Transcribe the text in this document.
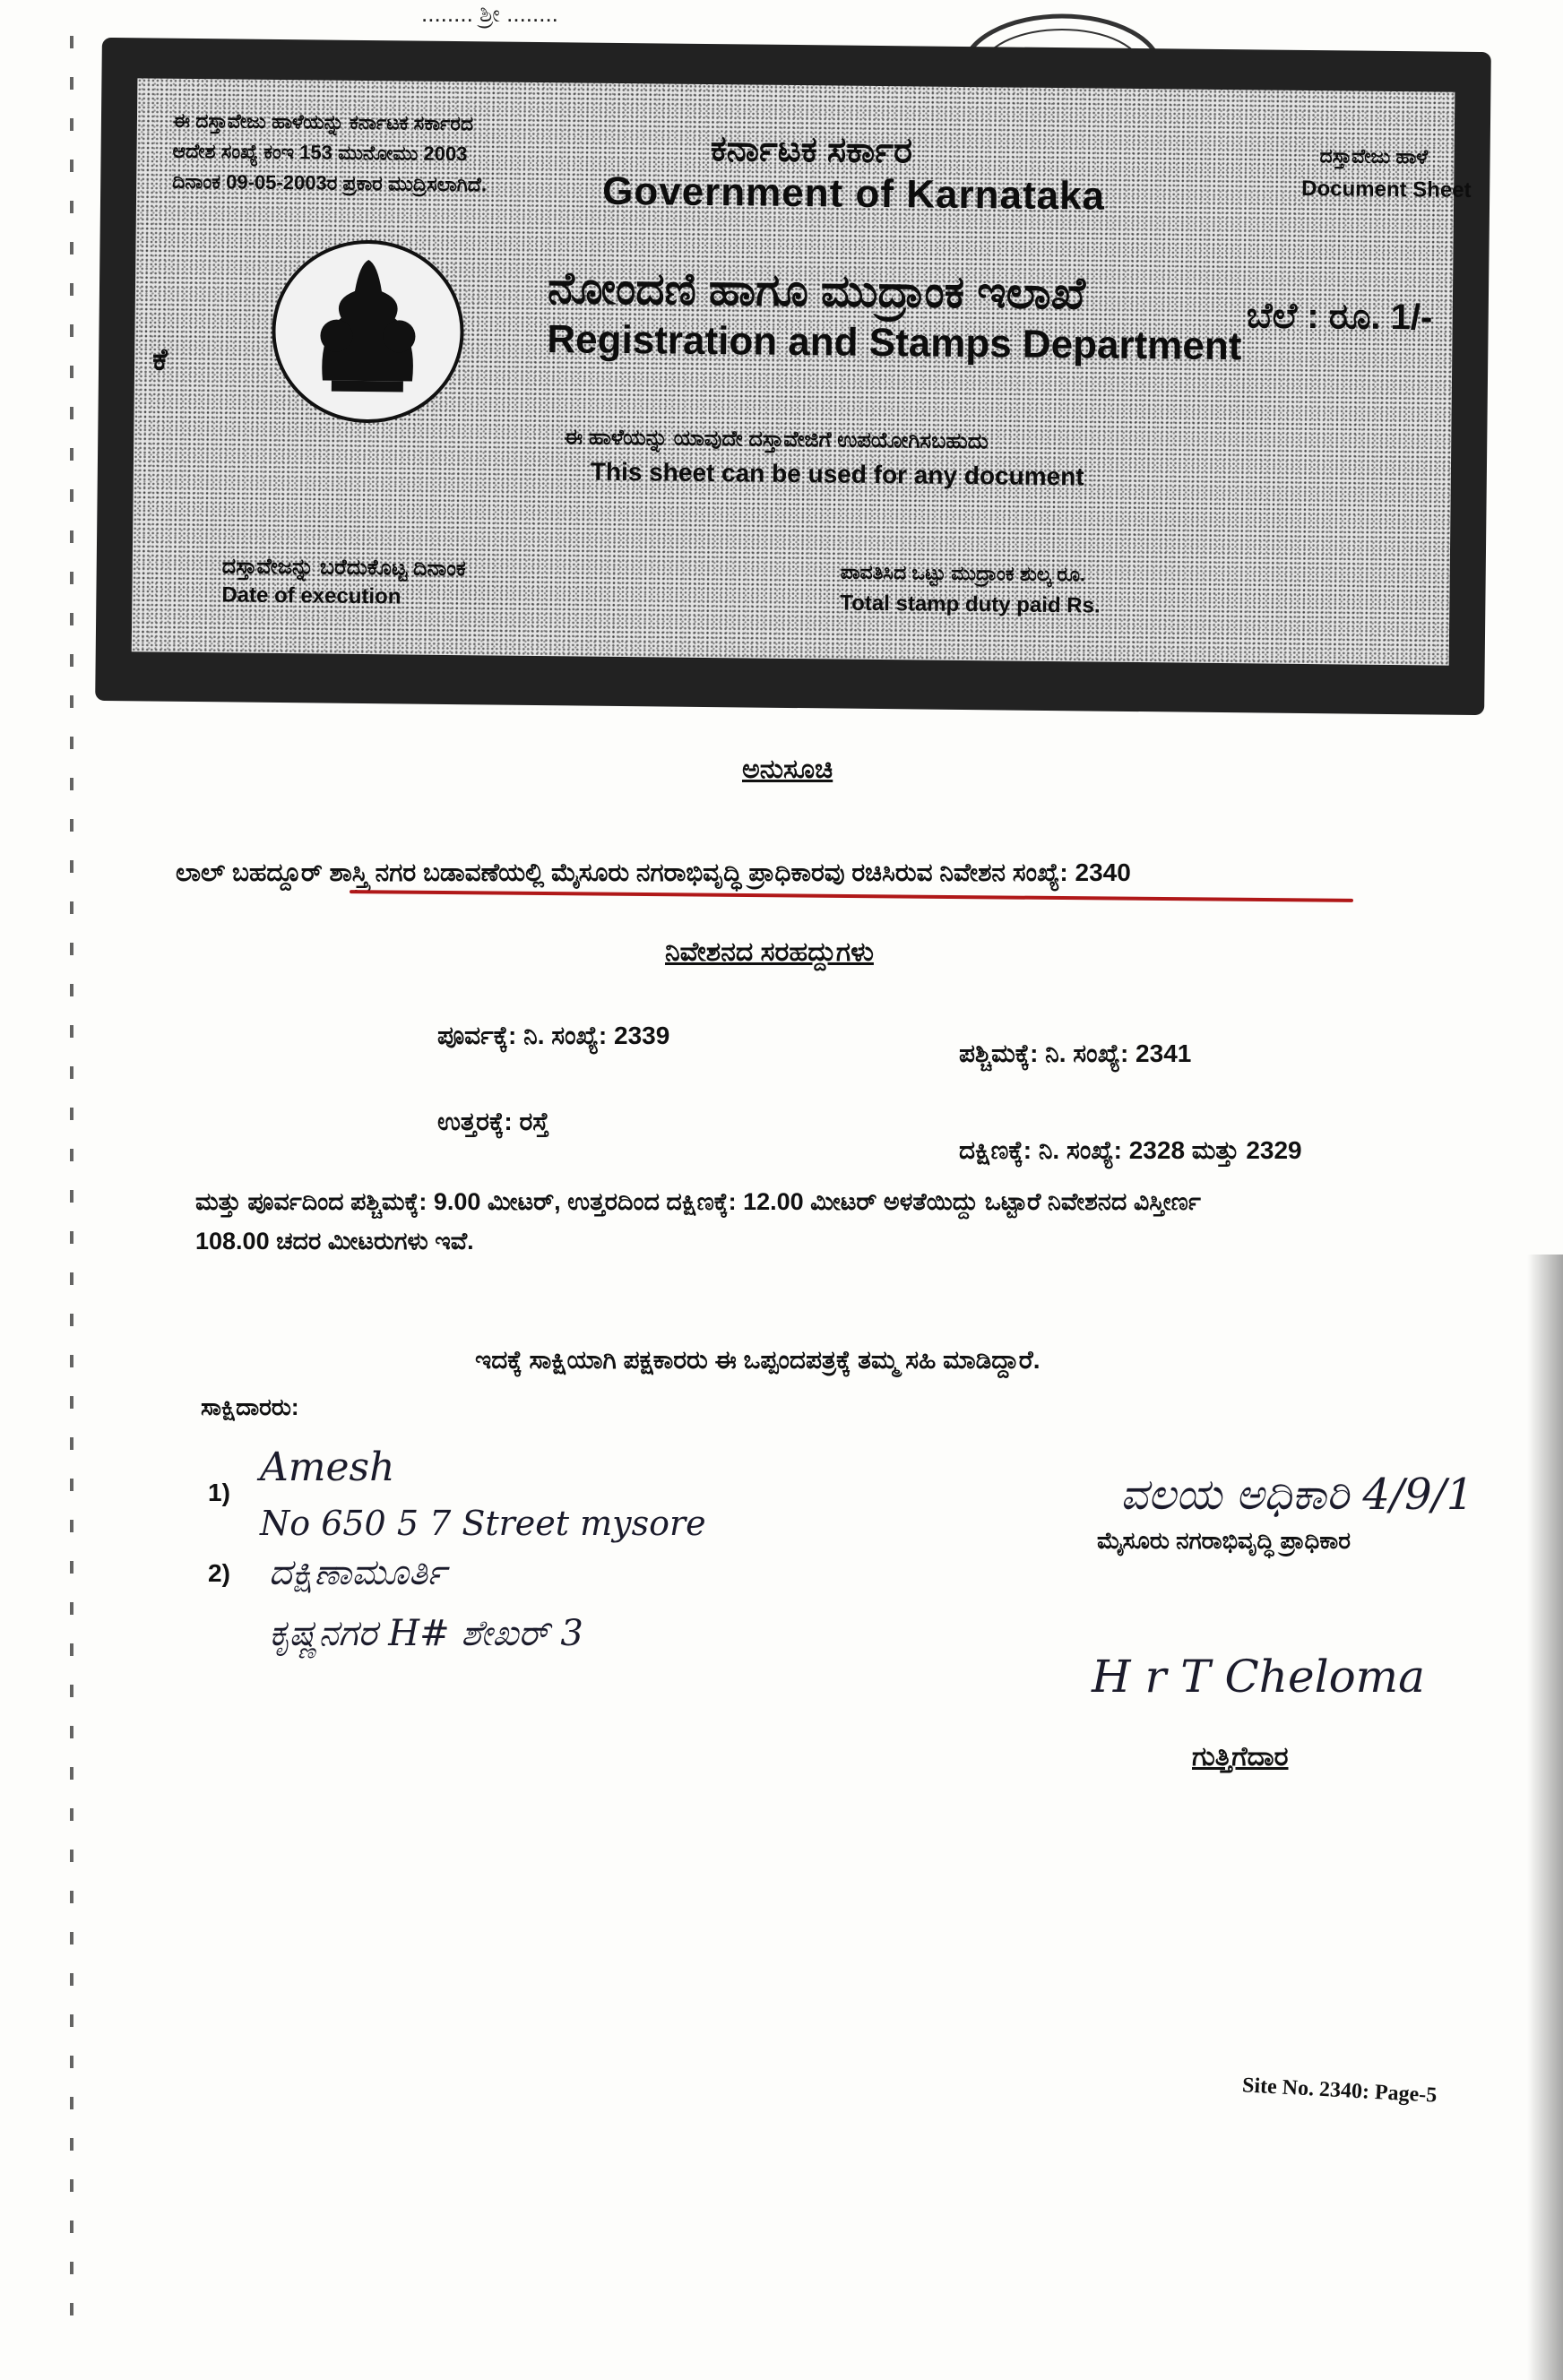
........ ಶ್ರೀ ........
ಈ ದಸ್ತಾವೇಜು ಹಾಳೆಯನ್ನು ಕರ್ನಾಟಕ ಸರ್ಕಾರದ
ಆದೇಶ ಸಂಖ್ಯೆ ಕಂಇ 153 ಮುನೋಮು 2003
ದಿನಾಂಕ 09-05-2003ರ ಪ್ರಕಾರ ಮುದ್ರಿಸಲಾಗಿದೆ.
ಕರ್ನಾಟಕ ಸರ್ಕಾರ
Government of Karnataka
ದಸ್ತಾವೇಜು ಹಾಳೆ
Document Sheet
ಕೆ
ನೋಂದಣಿ ಹಾಗೂ ಮುದ್ರಾಂಕ ಇಲಾಖೆ
Registration and Stamps Department
ಬೆಲೆ : ರೂ. 1/-
ಈ ಹಾಳೆಯನ್ನು ಯಾವುದೇ ದಸ್ತಾವೇಜಿಗೆ ಉಪಯೋಗಿಸಬಹುದು
This sheet can be used for any document
ದಸ್ತಾವೇಜನ್ನು ಬರೆದುಕೊಟ್ಟ ದಿನಾಂಕ
Date of execution
ಪಾವತಿಸಿದ ಒಟ್ಟು ಮುದ್ರಾಂಕ ಶುಲ್ಕ ರೂ.
Total stamp duty paid Rs.
ಅನುಸೂಚಿ
ಲಾಲ್ ಬಹದ್ದೂರ್ ಶಾಸ್ತ್ರಿ ನಗರ ಬಡಾವಣೆಯಲ್ಲಿ ಮೈಸೂರು ನಗರಾಭಿವೃದ್ಧಿ ಪ್ರಾಧಿಕಾರವು ರಚಿಸಿರುವ ನಿವೇಶನ ಸಂಖ್ಯೆ: 2340
ನಿವೇಶನದ ಸರಹದ್ದುಗಳು
ಪೂರ್ವಕ್ಕೆ: ನಿ. ಸಂಖ್ಯೆ: 2339
ಪಶ್ಚಿಮಕ್ಕೆ: ನಿ. ಸಂಖ್ಯೆ: 2341
ಉತ್ತರಕ್ಕೆ: ರಸ್ತೆ
ದಕ್ಷಿಣಕ್ಕೆ: ನಿ. ಸಂಖ್ಯೆ: 2328 ಮತ್ತು 2329
ಮತ್ತು ಪೂರ್ವದಿಂದ ಪಶ್ಚಿಮಕ್ಕೆ: 9.00 ಮೀಟರ್, ಉತ್ತರದಿಂದ ದಕ್ಷಿಣಕ್ಕೆ: 12.00 ಮೀಟರ್ ಅಳತೆಯಿದ್ದು ಒಟ್ಟಾರೆ ನಿವೇಶನದ ವಿಸ್ತೀರ್ಣ
108.00 ಚದರ ಮೀಟರುಗಳು ಇವೆ.
ಇದಕ್ಕೆ ಸಾಕ್ಷಿಯಾಗಿ ಪಕ್ಷಕಾರರು ಈ ಒಪ್ಪಂದಪತ್ರಕ್ಕೆ ತಮ್ಮ ಸಹಿ ಮಾಡಿದ್ದಾರೆ.
ಸಾಕ್ಷಿದಾರರು:
1)
Amesh
No 650 5 7 Street mysore
2) ದಕ್ಷಿಣಾಮೂರ್ತಿ
ಕೃಷ್ಣನಗರ H# ಶೇಖರ್ 3
ವಲಯ ಅಧಿಕಾರಿ 4/9/1
ಮೈಸೂರು ನಗರಾಭಿವೃದ್ಧಿ ಪ್ರಾಧಿಕಾರ
H r T Cheloma
ಗುತ್ತಿಗೆದಾರ
Site No. 2340: Page-5
